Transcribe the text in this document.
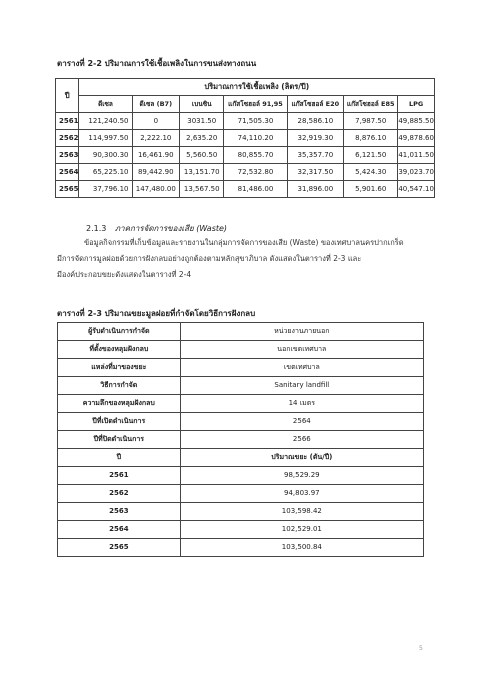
ตารางที่ 2-2 ปริมาณการใช้เชื้อเพลิงในการขนส่งทางถนน
ปี	ปริมาณการใช้เชื้อเพลิง (ลิตร/ปี)						
	ดีเซล	ดีเซล (B7)	เบนซิน	แก๊สโซฮอล์ 91,95	แก๊สโซฮอล์ E20	แก๊สโซฮอล์ E85	LPG
2561	121,240.50	0	3031.50	71,505.30	28,586.10	7,987.50	49,885.50
2562	114,997.50	2,222.10	2,635.20	74,110.20	32,919.30	8,876.10	49,878.60
2563	90,300.30	16,461.90	5,560.50	80,855.70	35,357.70	6,121.50	41,011.50
2564	65,225.10	89,442.90	13,151.70	72,532.80	32,317.50	5,424.30	39,023.70
2565	37,796.10	147,480.00	13,567.50	81,486.00	31,896.00	5,901.60	40,547.10
2.1.3 ภาคการจัดการของเสีย (Waste)
ข้อมูลกิจกรรมที่เก็บข้อมูลและรายงานในกลุ่มการจัดการของเสีย (Waste) ของเทศบาลนครปากเกร็ด
มีการจัดการมูลฝอยด้วยการฝังกลบอย่างถูกต้องตามหลักสุขาภิบาล ดังแสดงในตารางที่ 2-3 และ
มีองค์ประกอบขยะดังแสดงในตารางที่ 2-4
ตารางที่ 2-3 ปริมาณขยะมูลฝอยที่กำจัดโดยวิธีการฝังกลบ
ผู้รับดำเนินการกำจัด	หน่วยงานภายนอก
ที่ตั้งของหลุมฝังกลบ	นอกเขตเทศบาล
แหล่งที่มาของขยะ	เขตเทศบาล
วิธีการกำจัด	Sanitary landfill
ความลึกของหลุมฝังกลบ	14 เมตร
ปีที่เปิดดำเนินการ	2564
ปีที่ปิดดำเนินการ	2566
ปี	ปริมาณขยะ (ตัน/ปี)
2561	98,529.29
2562	94,803.97
2563	103,598.42
2564	102,529.01
2565	103,500.84
5
